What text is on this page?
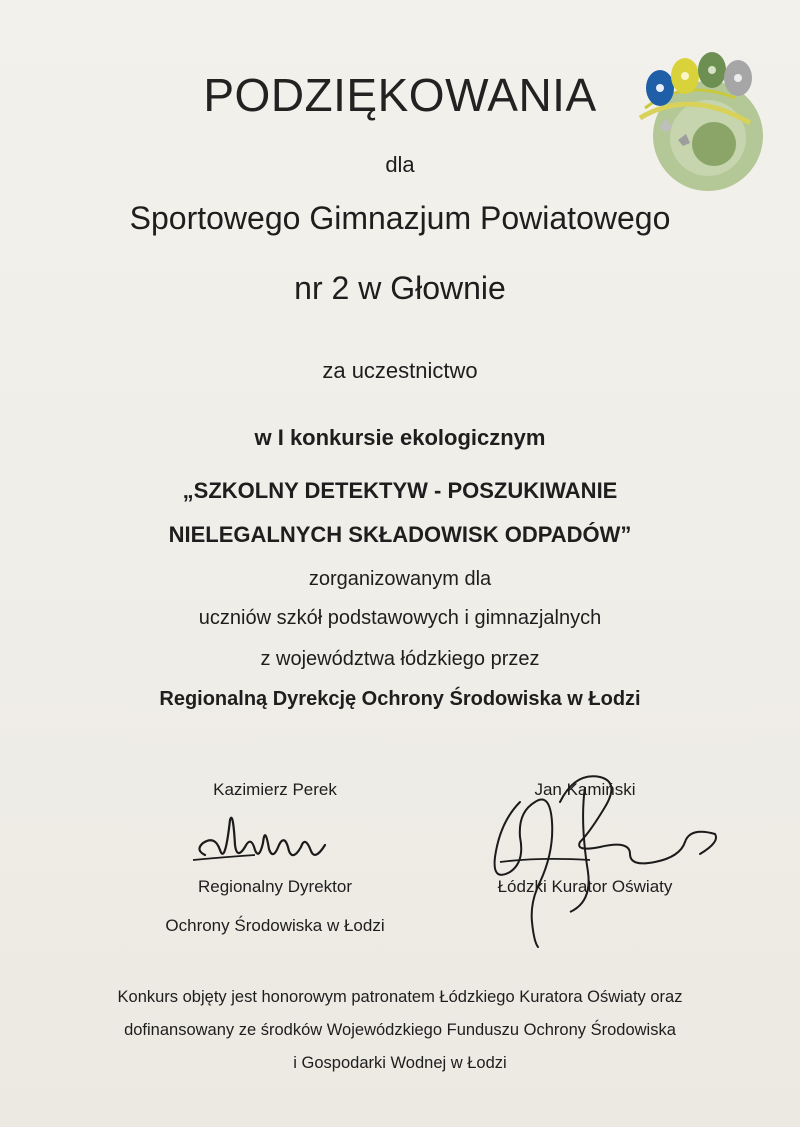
PODZIĘKOWANIA
dla
Sportowego Gimnazjum Powiatowego
nr 2 w Głownie
za uczestnictwo
w I konkursie ekologicznym
„SZKOLNY DETEKTYW - POSZUKIWANIE
NIELEGALNYCH SKŁADOWISK ODPADÓW”
zorganizowanym dla
uczniów szkół podstawowych i gimnazjalnych
z województwa łódzkiego przez
Regionalną Dyrekcję Ochrony Środowiska w Łodzi
Kazimierz Perek
Regionalny Dyrektor
Ochrony Środowiska w Łodzi
Jan Kamiński
Łódzki Kurator Oświaty
Konkurs objęty jest honorowym patronatem Łódzkiego Kuratora Oświaty oraz
dofinansowany ze środków Wojewódzkiego Funduszu Ochrony Środowiska
i Gospodarki Wodnej w Łodzi
